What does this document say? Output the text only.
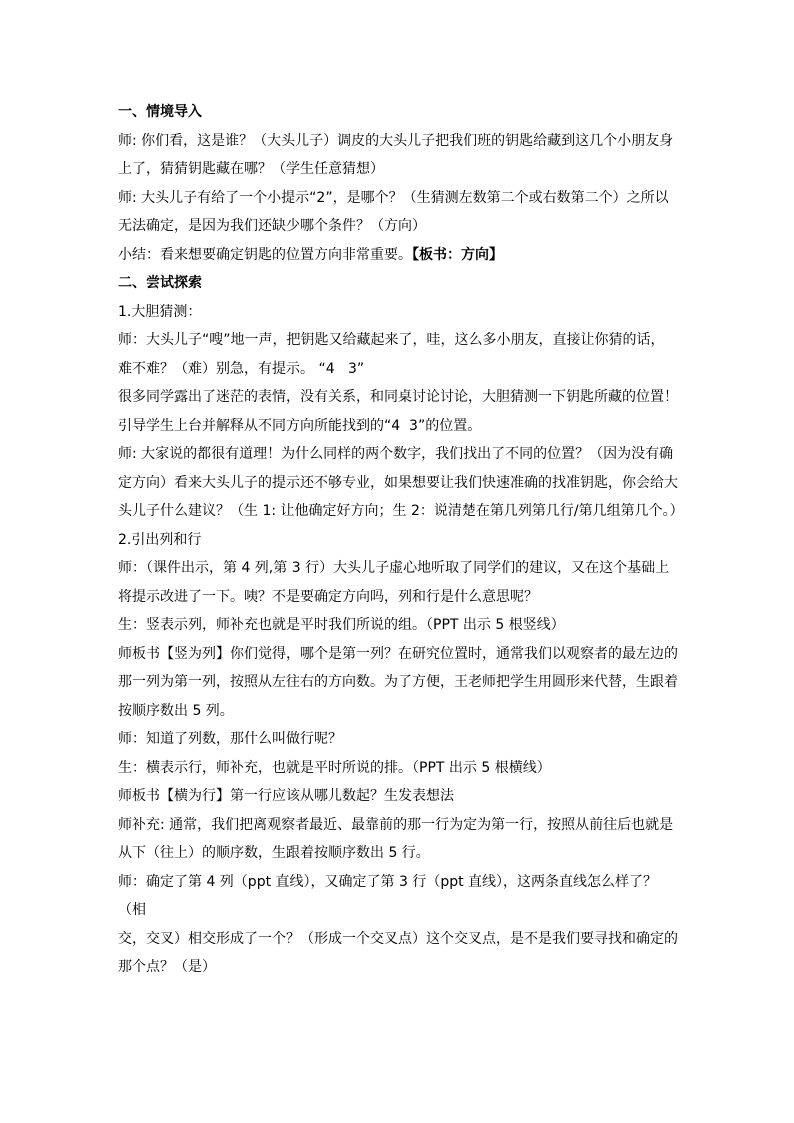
一、情境导入

师: 你们看，这是谁？（大头儿子）调皮的大头儿子把我们班的钥匙给藏到这几个小朋友身

上了，猜猜钥匙藏在哪？（学生任意猜想）

师: 大头儿子有给了一个小提示“2”，是哪个？（生猜测左数第二个或右数第二个）之所以

无法确定，是因为我们还缺少哪个条件？（方向）

小结：看来想要确定钥匙的位置方向非常重要。【板书：方向】

二、尝试探索

1.大胆猜测：

师：大头儿子“嗖”地一声，把钥匙又给藏起来了，哇，这么多小朋友，直接让你猜的话，

难不难？（难）别急，有提示。 “4   3”

很多同学露出了迷茫的表情，没有关系，和同桌讨论讨论，大胆猜测一下钥匙所藏的位置！

引导学生上台并解释从不同方向所能找到的“4  3”的位置。

师: 大家说的都很有道理！为什么同样的两个数字，我们找出了不同的位置？（因为没有确

定方向）看来大头儿子的提示还不够专业，如果想要让我们快速准确的找准钥匙，你会给大

头儿子什么建议？（生 1: 让他确定好方向；生 2：说清楚在第几列第几行/第几组第几个。）

2.引出列和行

师：（课件出示，第 4 列,第 3 行）大头儿子虚心地听取了同学们的建议，又在这个基础上

将提示改进了一下。咦？不是要确定方向吗，列和行是什么意思呢？

生：竖表示列，师补充也就是平时我们所说的组。（PPT 出示 5 根竖线）

师板书【竖为列】你们觉得，哪个是第一列？在研究位置时，通常我们以观察者的最左边的

那一列为第一列，按照从左往右的方向数。为了方便，王老师把学生用圆形来代替，生跟着

按顺序数出 5 列。

师：知道了列数，那什么叫做行呢？

生：横表示行，师补充，也就是平时所说的排。（PPT 出示 5 根横线）

师板书【横为行】第一行应该从哪儿数起？生发表想法

师补充: 通常，我们把离观察者最近、最靠前的那一行为定为第一行，按照从前往后也就是

从下（往上）的顺序数，生跟着按顺序数出 5 行。

师：确定了第 4 列（ppt 直线），又确定了第 3 行（ppt 直线），这两条直线怎么样了？（相

交，交叉）相交形成了一个？（形成一个交叉点）这个交叉点，是不是我们要寻找和确定的

那个点？（是）
